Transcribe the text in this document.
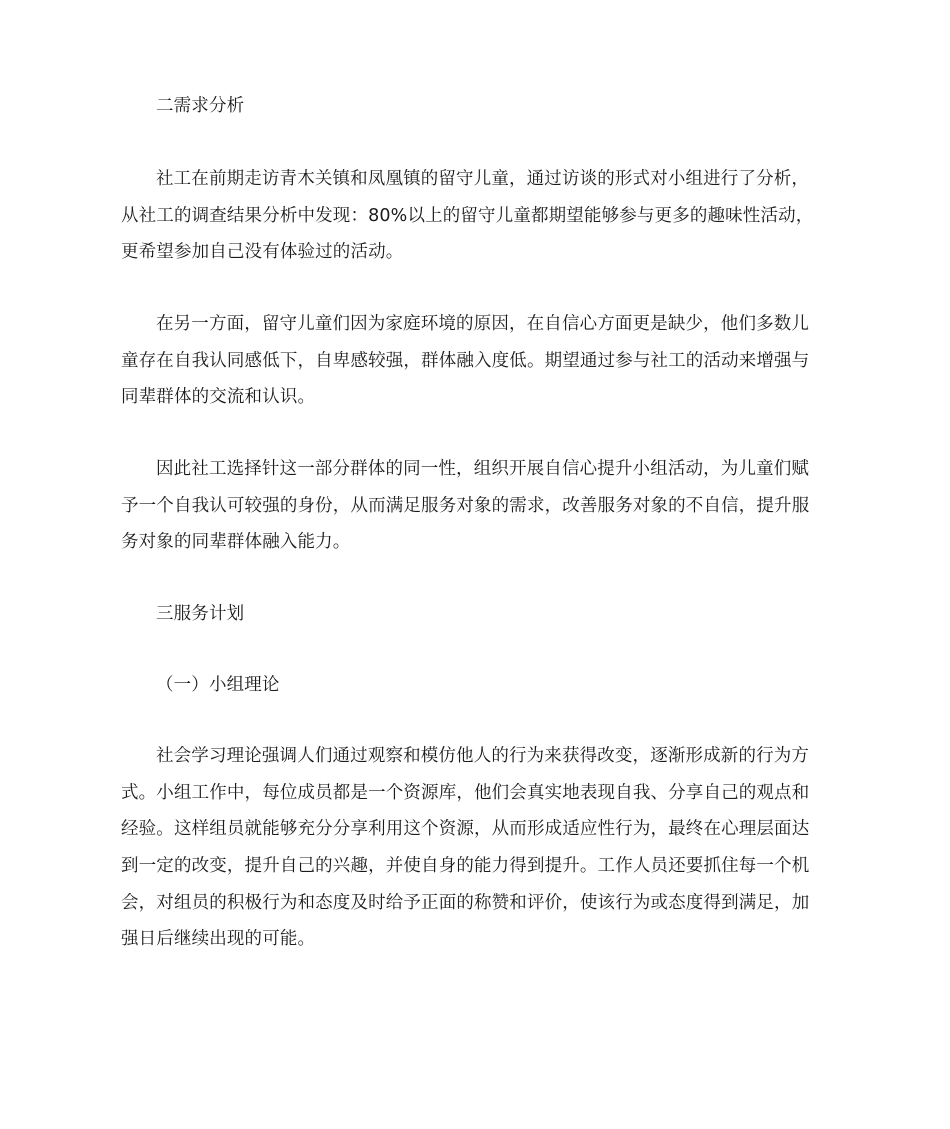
二需求分析
社工在前期走访青木关镇和凤凰镇的留守儿童，通过访谈的形式对小组进行了分析，
从社工的调查结果分析中发现：80%以上的留守儿童都期望能够参与更多的趣味性活动，
更希望参加自己没有体验过的活动。
在另一方面，留守儿童们因为家庭环境的原因，在自信心方面更是缺少，他们多数儿
童存在自我认同感低下，自卑感较强，群体融入度低。期望通过参与社工的活动来增强与
同辈群体的交流和认识。
因此社工选择针这一部分群体的同一性，组织开展自信心提升小组活动，为儿童们赋
予一个自我认可较强的身份，从而满足服务对象的需求，改善服务对象的不自信，提升服
务对象的同辈群体融入能力。
三服务计划
（一）小组理论
社会学习理论强调人们通过观察和模仿他人的行为来获得改变，逐渐形成新的行为方
式。小组工作中，每位成员都是一个资源库，他们会真实地表现自我、分享自己的观点和
经验。这样组员就能够充分分享利用这个资源，从而形成适应性行为，最终在心理层面达
到一定的改变，提升自己的兴趣，并使自身的能力得到提升。工作人员还要抓住每一个机
会，对组员的积极行为和态度及时给予正面的称赞和评价，使该行为或态度得到满足，加
强日后继续出现的可能。
